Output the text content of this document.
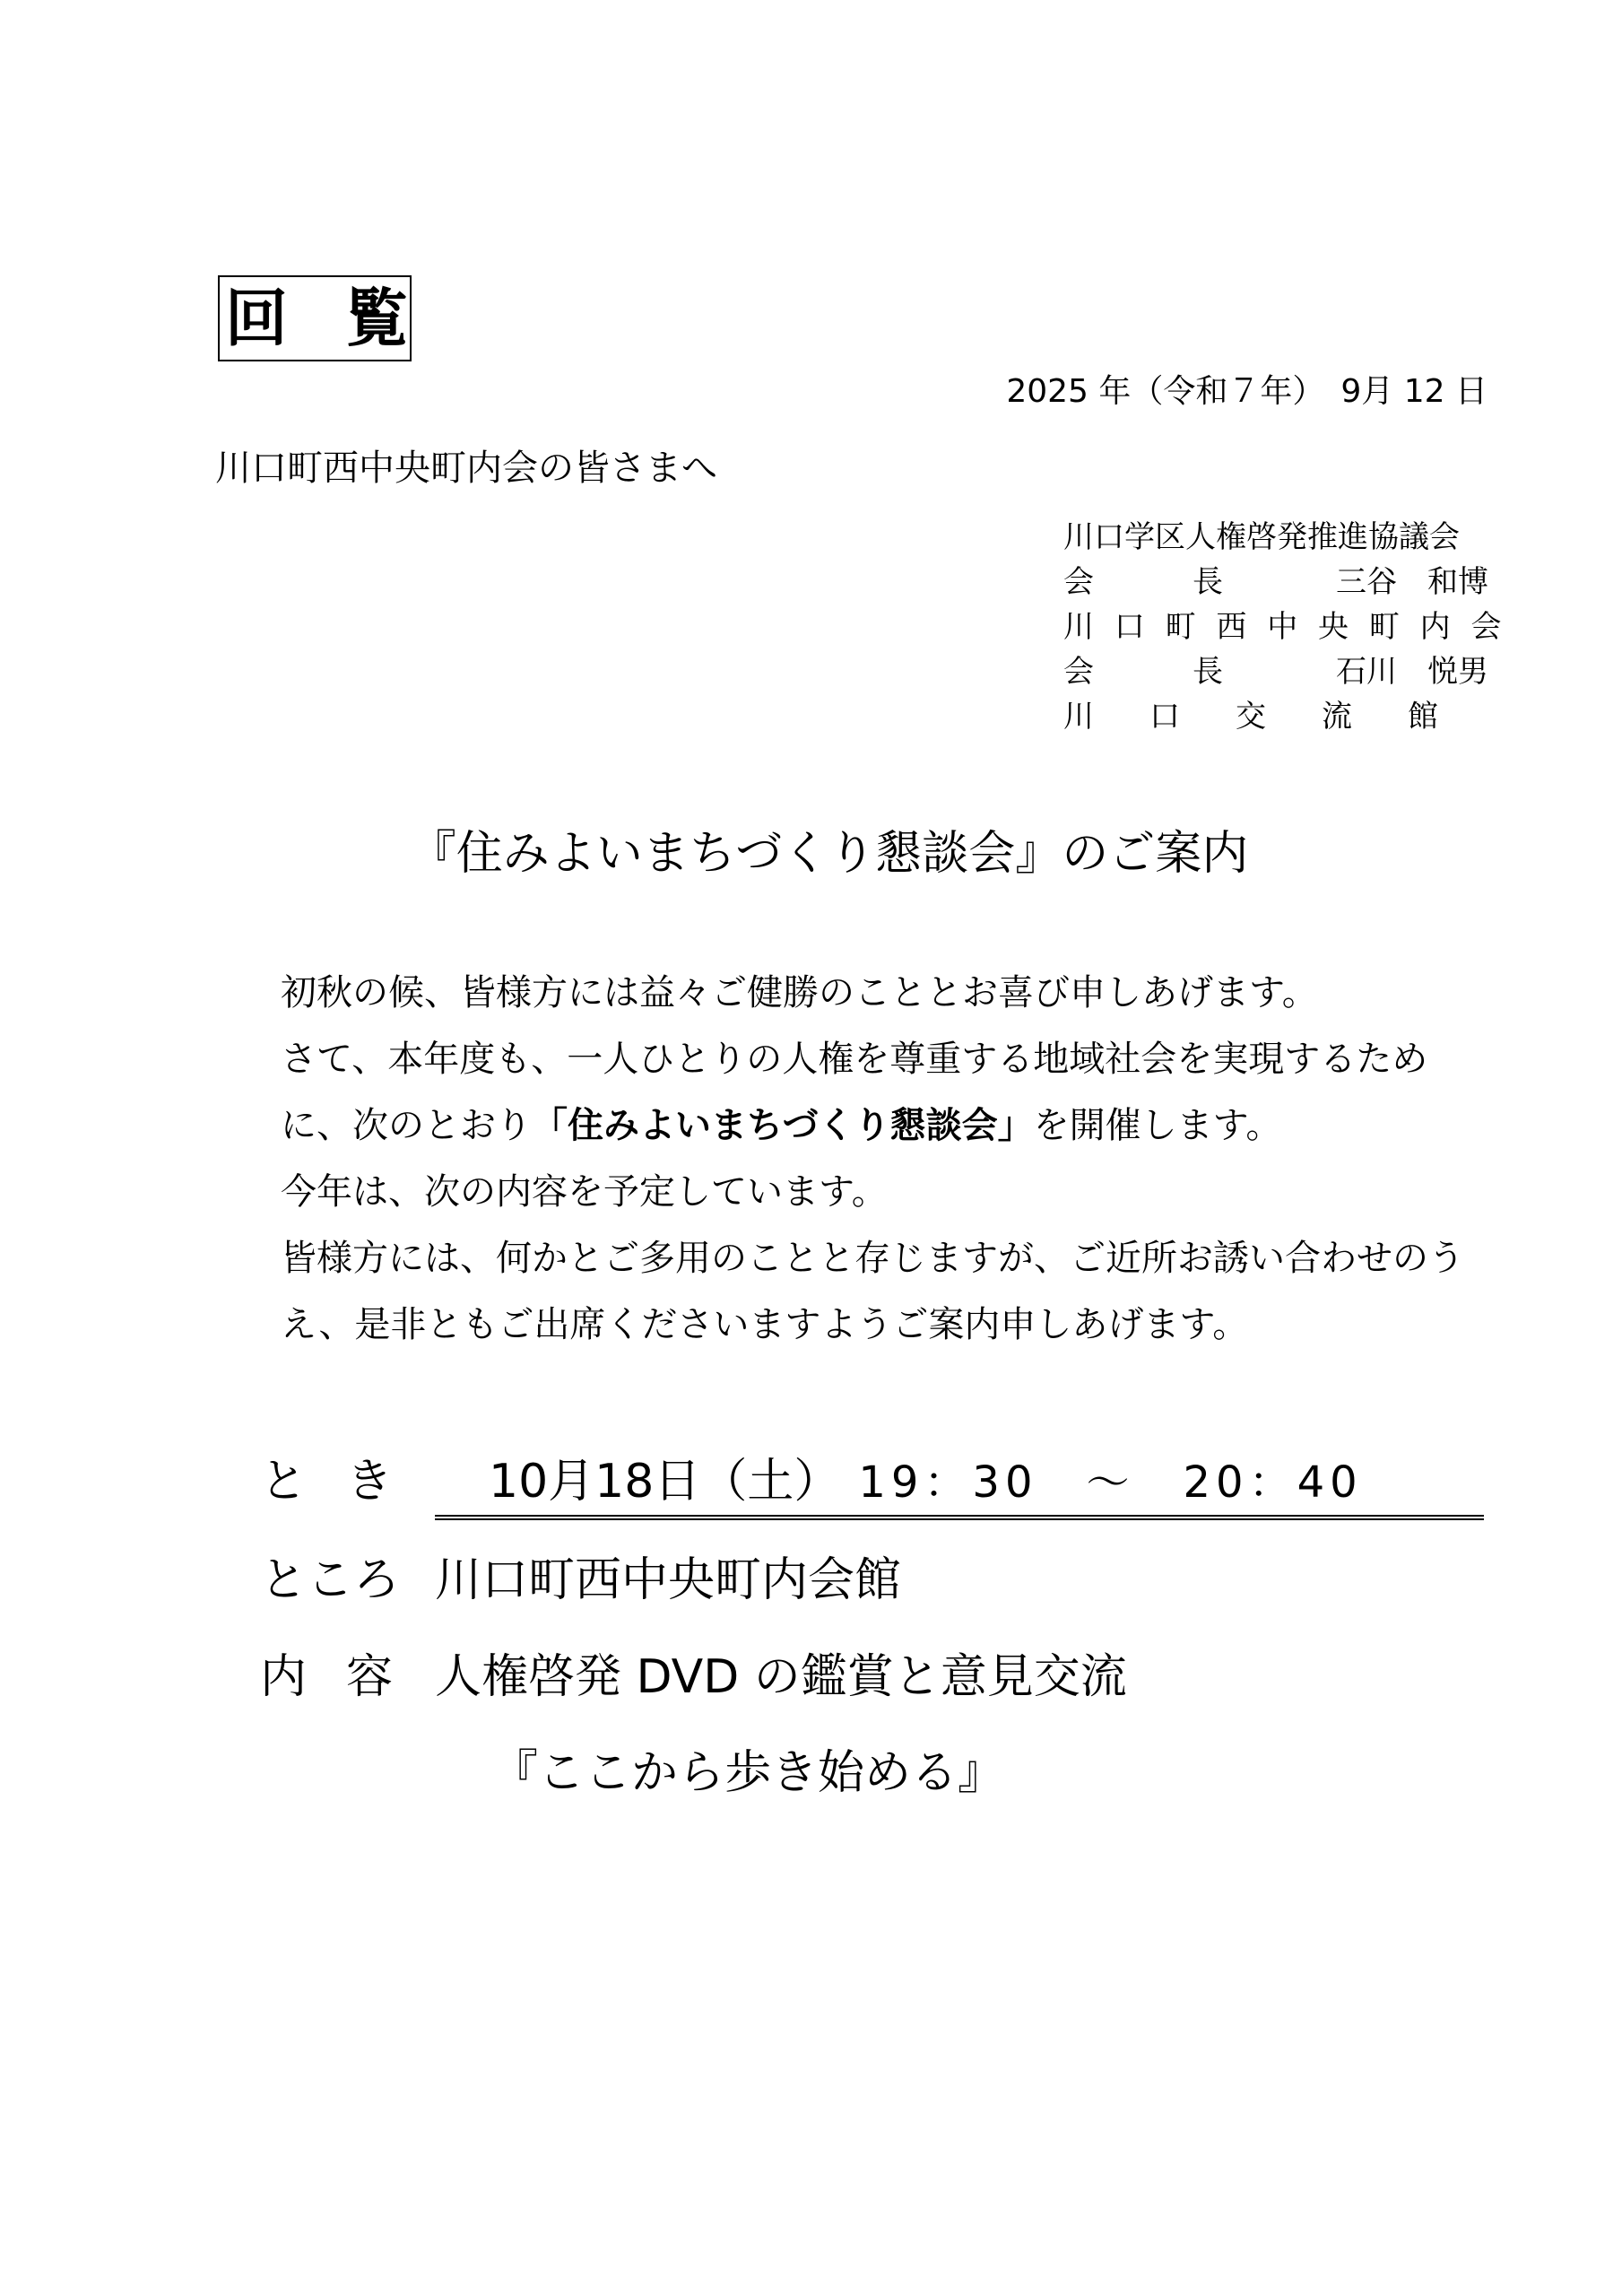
回 覧
2025 年（令和７年）　9月 12 日
川口町西中央町内会の皆さまへ
川口学区人権啓発推進協議会
会　長	三谷　和博
川 口 町 西 中 央 町 内 会
会　長	石川　悦男
川　口　交　流　館
『住みよいまちづくり懇談会』のご案内

初秋の候、皆様方には益々ご健勝のこととお喜び申しあげます。

さて、本年度も、一人ひとりの人権を尊重する地域社会を実現するために、次のとおり「住みよいまちづくり懇談会」を開催します。

今年は、次の内容を予定しています。

皆様方には、何かとご多用のことと存じますが、ご近所お誘い合わせのうえ、是非ともご出席くださいますようご案内申しあげます。

とき	10月18日（土） 19：30　～　20：40
ところ 川口町西中央町内会館
内容 人権啓発 DVD の鑑賞と意見交流
『ここから歩き始める』
